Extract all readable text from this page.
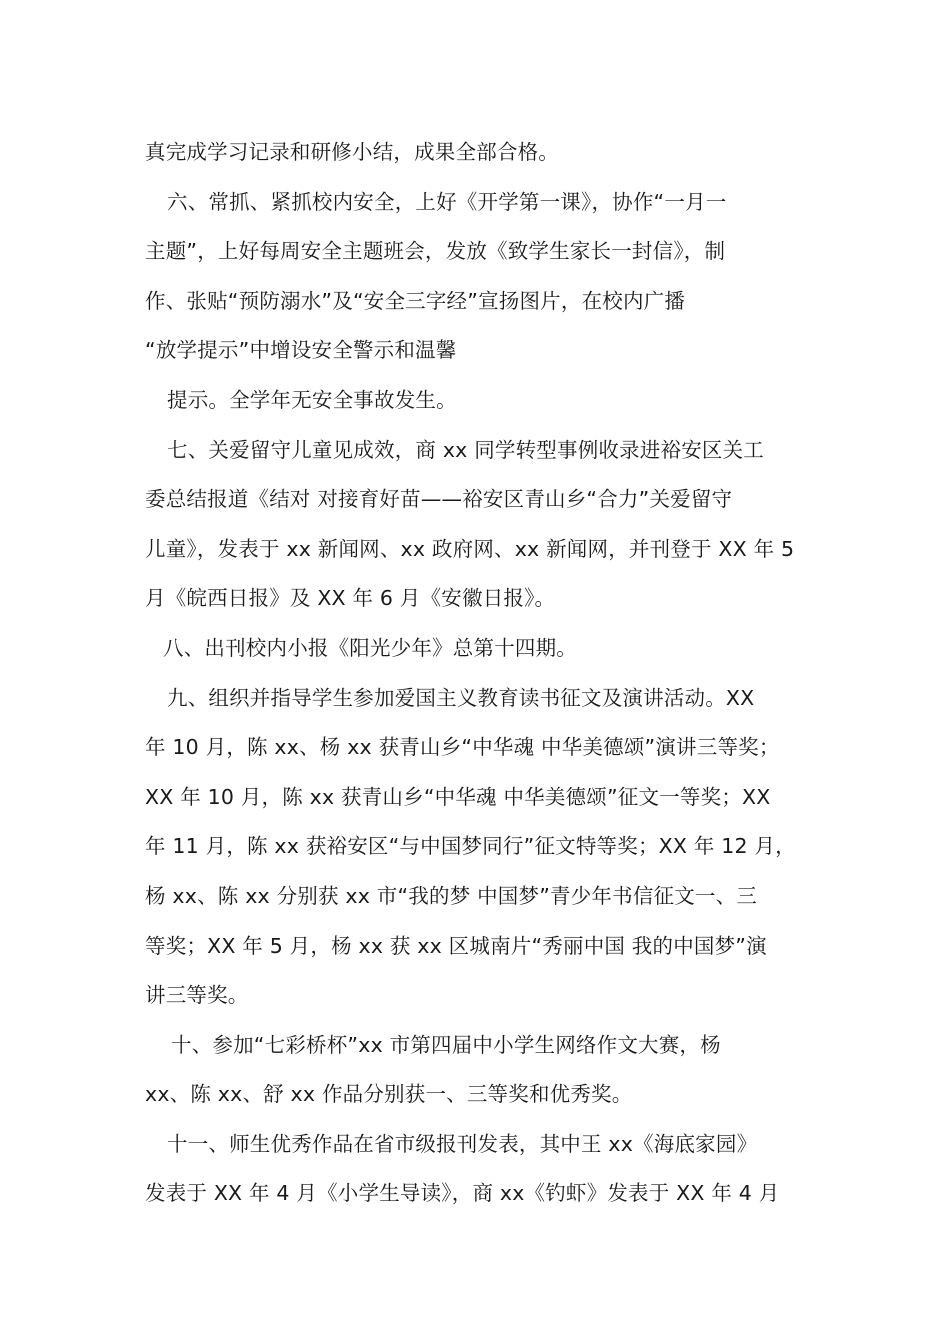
真完成学习记录和研修小结，成果全部合格。
六、常抓、紧抓校内安全，上好《开学第一课》，协作“一月一
主题”，上好每周安全主题班会，发放《致学生家长一封信》，制
作、张贴“预防溺水”及“安全三字经”宣扬图片，在校内广播
“放学提示”中增设安全警示和温馨
提示。全学年无安全事故发生。
七、关爱留守儿童见成效，商 xx 同学转型事例收录进裕安区关工
委总结报道《结对 对接育好苗——裕安区青山乡“合力”关爱留守
儿童》，发表于 xx 新闻网、xx 政府网、xx 新闻网，并刊登于 XX 年 5
月《皖西日报》及 XX 年 6 月《安徽日报》。
八、出刊校内小报《阳光少年》总第十四期。
九、组织并指导学生参加爱国主义教育读书征文及演讲活动。XX
年 10 月，陈 xx、杨 xx 获青山乡“中华魂 中华美德颂”演讲三等奖；
XX 年 10 月，陈 xx 获青山乡“中华魂 中华美德颂”征文一等奖；XX
年 11 月，陈 xx 获裕安区“与中国梦同行”征文特等奖；XX 年 12 月，
杨 xx、陈 xx 分别获 xx 市“我的梦 中国梦”青少年书信征文一、三
等奖；XX 年 5 月，杨 xx 获 xx 区城南片“秀丽中国 我的中国梦”演
讲三等奖。
十、参加“七彩桥杯”xx 市第四届中小学生网络作文大赛，杨
xx、陈 xx、舒 xx 作品分别获一、三等奖和优秀奖。
十一、师生优秀作品在省市级报刊发表，其中王 xx《海底家园》
发表于 XX 年 4 月《小学生导读》，商 xx《钓虾》发表于 XX 年 4 月
